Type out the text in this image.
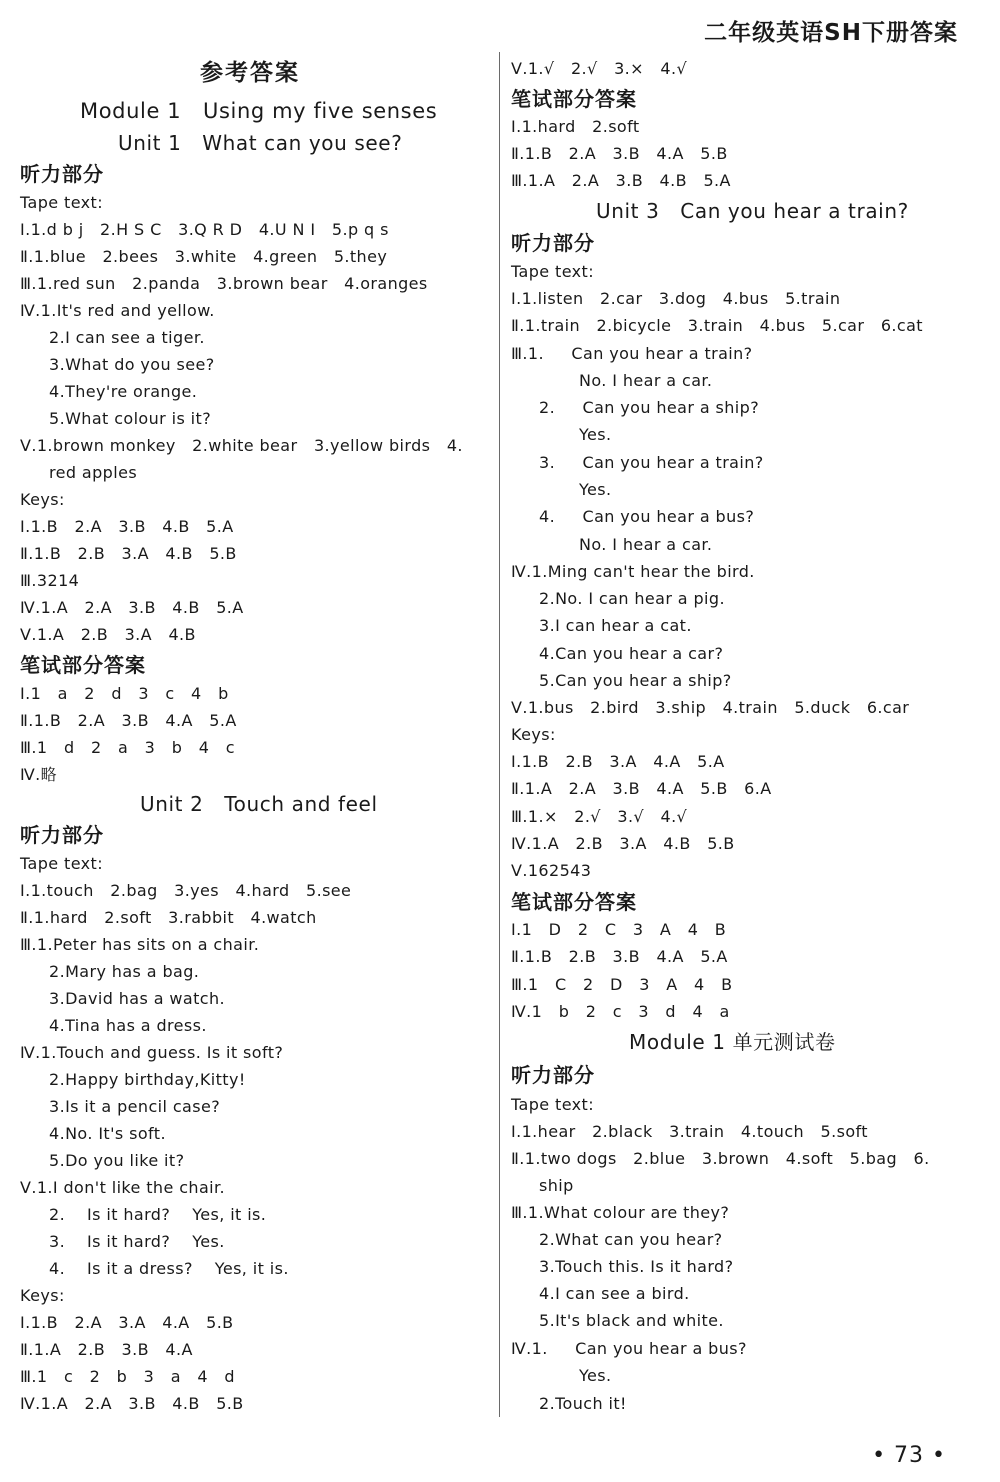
二年级英语SH下册答案
参考答案
Module 1   Using my five senses
Unit 1   What can you see?
听力部分
Tape text:
Ⅰ.1.d b j   2.H S C   3.Q R D   4.U N I   5.p q s
Ⅱ.1.blue   2.bees   3.white   4.green   5.they
Ⅲ.1.red sun   2.panda   3.brown bear   4.oranges
Ⅳ.1.It's red and yellow.
2.I can see a tiger.
3.What do you see?
4.They're orange.
5.What colour is it?
Ⅴ.1.brown monkey   2.white bear   3.yellow birds   4.
red apples
Keys:
Ⅰ.1.B   2.A   3.B   4.B   5.A
Ⅱ.1.B   2.B   3.A   4.B   5.B
Ⅲ.3214
Ⅳ.1.A   2.A   3.B   4.B   5.A
Ⅴ.1.A   2.B   3.A   4.B
笔试部分答案
Ⅰ.1   a   2   d   3   c   4   b
Ⅱ.1.B   2.A   3.B   4.A   5.A
Ⅲ.1   d   2   a   3   b   4   c
Ⅳ.略
Unit 2   Touch and feel
听力部分
Tape text:
Ⅰ.1.touch   2.bag   3.yes   4.hard   5.see
Ⅱ.1.hard   2.soft   3.rabbit   4.watch
Ⅲ.1.Peter has sits on a chair.
2.Mary has a bag.
3.David has a watch.
4.Tina has a dress.
Ⅳ.1.Touch and guess. Is it soft?
2.Happy birthday,Kitty!
3.Is it a pencil case?
4.No. It's soft.
5.Do you like it?
Ⅴ.1.I don't like the chair.
2.    Is it hard?    Yes, it is.
3.    Is it hard?    Yes.
4.    Is it a dress?    Yes, it is.
Keys:
Ⅰ.1.B   2.A   3.A   4.A   5.B
Ⅱ.1.A   2.B   3.B   4.A
Ⅲ.1   c   2   b   3   a   4   d
Ⅳ.1.A   2.A   3.B   4.B   5.B
Ⅴ.1.√   2.√   3.×   4.√
笔试部分答案
Ⅰ.1.hard   2.soft
Ⅱ.1.B   2.A   3.B   4.A   5.B
Ⅲ.1.A   2.A   3.B   4.B   5.A
Unit 3   Can you hear a train?
听力部分
Tape text:
Ⅰ.1.listen   2.car   3.dog   4.bus   5.train
Ⅱ.1.train   2.bicycle   3.train   4.bus   5.car   6.cat
Ⅲ.1.     Can you hear a train?
No. I hear a car.
2.     Can you hear a ship?
Yes.
3.     Can you hear a train?
Yes.
4.     Can you hear a bus?
No. I hear a car.
Ⅳ.1.Ming can't hear the bird.
2.No. I can hear a pig.
3.I can hear a cat.
4.Can you hear a car?
5.Can you hear a ship?
Ⅴ.1.bus   2.bird   3.ship   4.train   5.duck   6.car
Keys:
Ⅰ.1.B   2.B   3.A   4.A   5.A
Ⅱ.1.A   2.A   3.B   4.A   5.B   6.A
Ⅲ.1.×   2.√   3.√   4.√
Ⅳ.1.A   2.B   3.A   4.B   5.B
Ⅴ.162543
笔试部分答案
Ⅰ.1   D   2   C   3   A   4   B
Ⅱ.1.B   2.B   3.B   4.A   5.A
Ⅲ.1   C   2   D   3   A   4   B
Ⅳ.1   b   2   c   3   d   4   a
Module 1 单元测试卷
听力部分
Tape text:
Ⅰ.1.hear   2.black   3.train   4.touch   5.soft
Ⅱ.1.two dogs   2.blue   3.brown   4.soft   5.bag   6.
ship
Ⅲ.1.What colour are they?
2.What can you hear?
3.Touch this. Is it hard?
4.I can see a bird.
5.It's black and white.
Ⅳ.1.     Can you hear a bus?
Yes.
2.Touch it!
• 73 •
